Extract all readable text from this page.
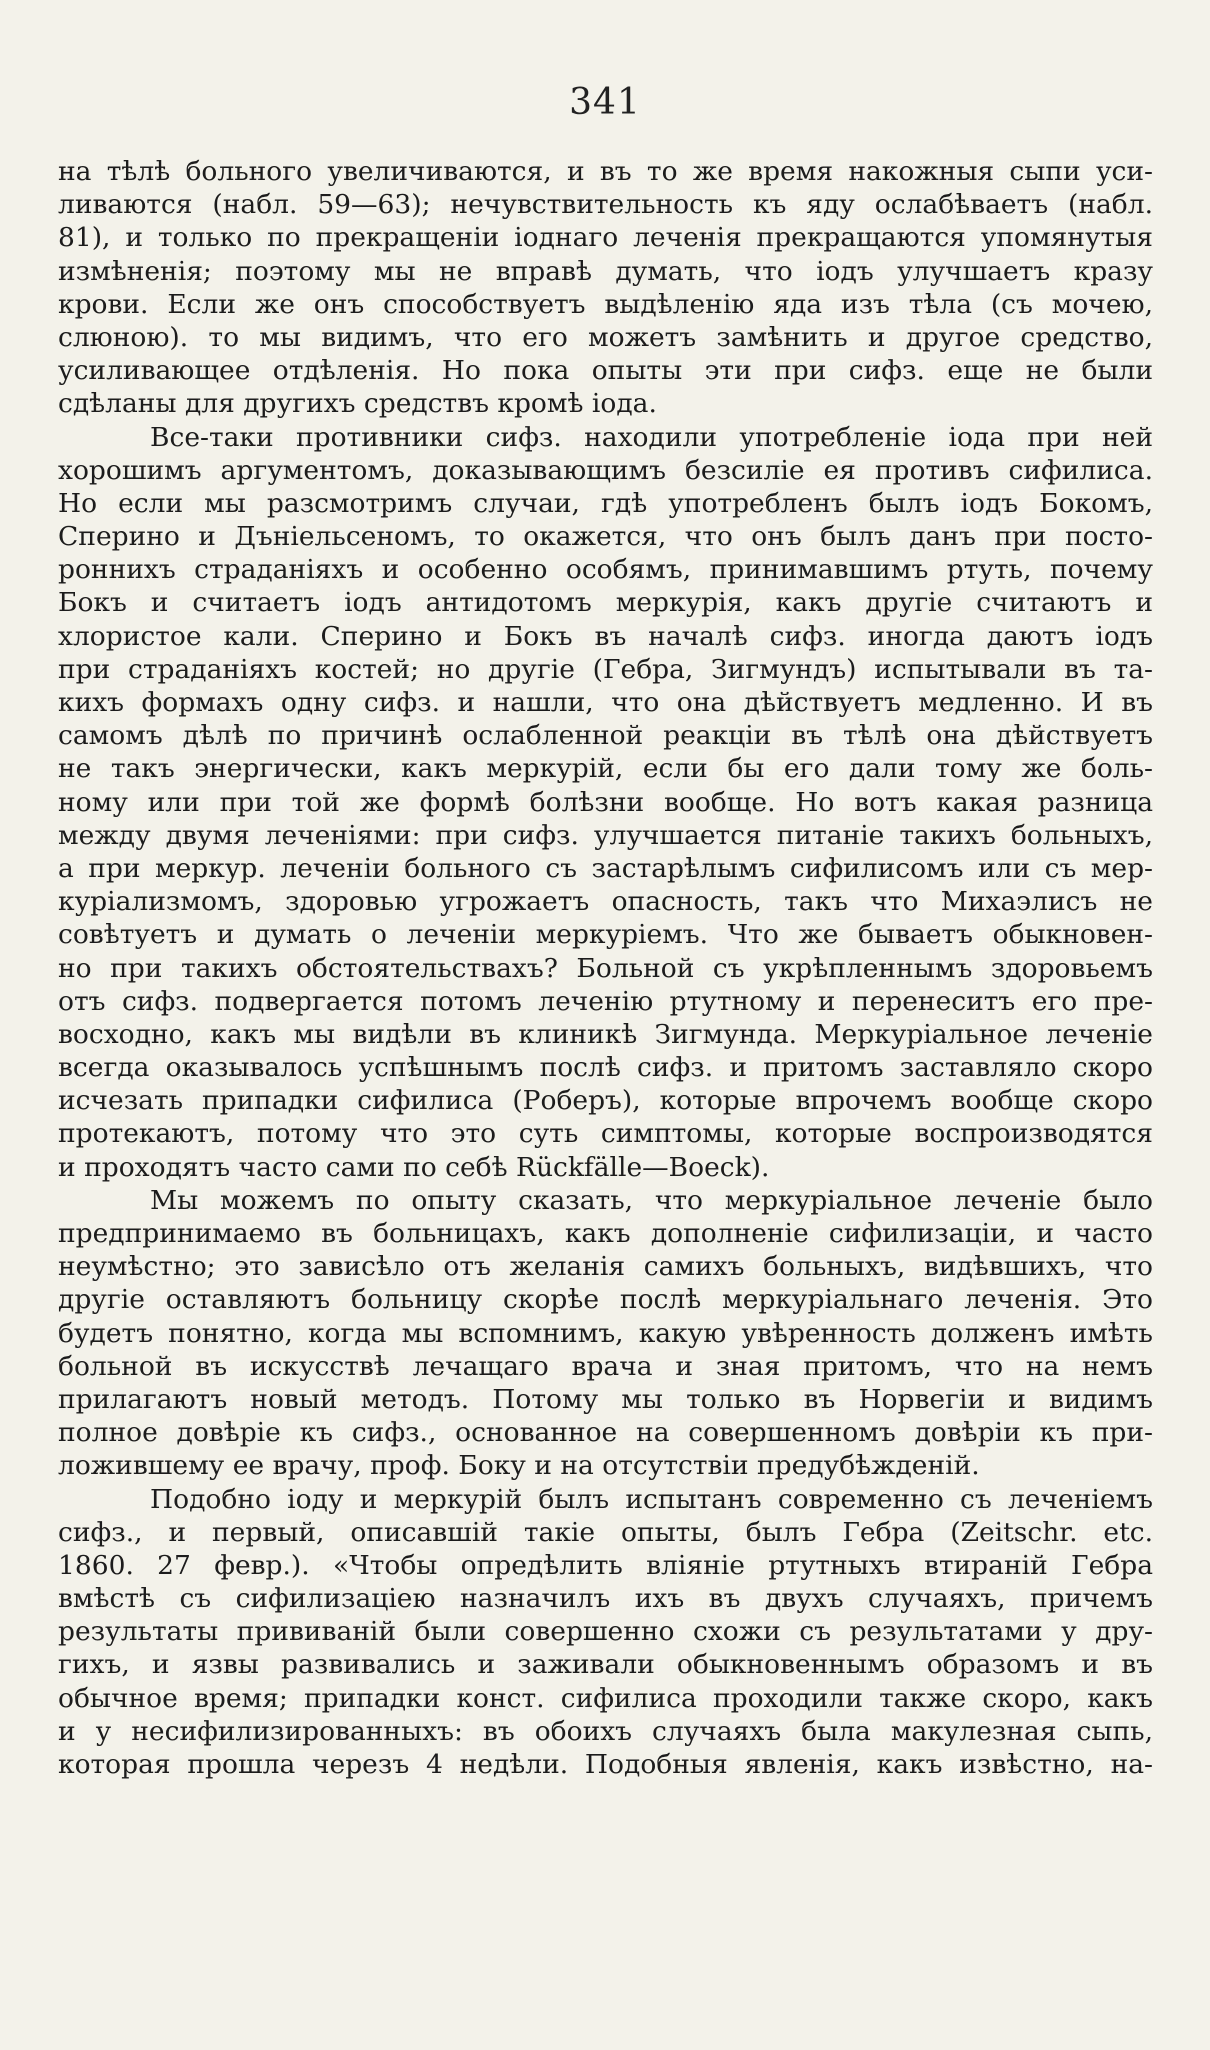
341
на тѣлѣ больного увеличиваются, и въ то же время накожныя сыпи уси-
ливаются (набл. 59—63); нечувствительность къ яду ослабѣваетъ (набл.
81), и только по прекращеніи іоднаго леченія прекращаются упомянутыя
измѣненія; поэтому мы не вправѣ думать, что іодъ улучшаетъ кразу
крови. Если же онъ способствуетъ выдѣленію яда изъ тѣла (съ мочею,
слюною). то мы видимъ, что его можетъ замѣнить и другое средство,
усиливающее отдѣленія. Но пока опыты эти при сифз. еще не были
сдѣланы для другихъ средствъ кромѣ іода.
Все-таки противники сифз. находили употребленіе іода при ней
хорошимъ аргументомъ, доказывающимъ безсиліе ея противъ сифилиса.
Но если мы разсмотримъ случаи, гдѣ употребленъ былъ іодъ Бокомъ,
Сперино и Дъніельсеномъ, то окажется, что онъ былъ данъ при посто-
роннихъ страданіяхъ и особенно особямъ, принимавшимъ ртуть, почему
Бокъ и считаетъ іодъ антидотомъ меркурія, какъ другіе считаютъ и
хлористое кали. Сперино и Бокъ въ началѣ сифз. иногда даютъ іодъ
при страданіяхъ костей; но другіе (Гебра, Зигмундъ) испытывали въ та-
кихъ формахъ одну сифз. и нашли, что она дѣйствуетъ медленно. И въ
самомъ дѣлѣ по причинѣ ослабленной реакціи въ тѣлѣ она дѣйствуетъ
не такъ энергически, какъ меркурій, если бы его дали тому же боль-
ному или при той же формѣ болѣзни вообще. Но вотъ какая разница
между двумя леченіями: при сифз. улучшается питаніе такихъ больныхъ,
а при меркур. леченіи больного съ застарѣлымъ сифилисомъ или съ мер-
куріализмомъ, здоровью угрожаетъ опасность, такъ что Михаэлисъ не
совѣтуетъ и думать о леченіи меркуріемъ. Что же бываетъ обыкновен-
но при такихъ обстоятельствахъ? Больной съ укрѣпленнымъ здоровьемъ
отъ сифз. подвергается потомъ леченію ртутному и перенеситъ его пре-
восходно, какъ мы видѣли въ клиникѣ Зигмунда. Меркуріальное леченіе
всегда оказывалось успѣшнымъ послѣ сифз. и притомъ заставляло скоро
исчезать припадки сифилиса (Роберъ), которые впрочемъ вообще скоро
протекаютъ, потому что это суть симптомы, которые воспроизводятся
и проходятъ часто сами по себѣ Rückfälle—Boeck).
Мы можемъ по опыту сказать, что меркуріальное леченіе было
предпринимаемо въ больницахъ, какъ дополненіе сифилизаціи, и часто
неумѣстно; это зависѣло отъ желанія самихъ больныхъ, видѣвшихъ, что
другіе оставляютъ больницу скорѣе послѣ меркуріальнаго леченія. Это
будетъ понятно, когда мы вспомнимъ, какую увѣренность долженъ имѣть
больной въ искусствѣ лечащаго врача и зная притомъ, что на немъ
прилагаютъ новый методъ. Потому мы только въ Норвегіи и видимъ
полное довѣріе къ сифз., основанное на совершенномъ довѣріи къ при-
ложившему ее врачу, проф. Боку и на отсутствіи предубѣжденій.
Подобно іоду и меркурій былъ испытанъ современно съ леченіемъ
сифз., и первый, описавшій такіе опыты, былъ Гебра (Zeitschr. etc.
1860. 27 февр.). «Чтобы опредѣлить вліяніе ртутныхъ втираній Гебра
вмѣстѣ съ сифилизаціею назначилъ ихъ въ двухъ случаяхъ, причемъ
результаты прививаній были совершенно схожи съ результатами у дру-
гихъ, и язвы развивались и заживали обыкновеннымъ образомъ и въ
обычное время; припадки конст. сифилиса проходили также скоро, какъ
и у несифилизированныхъ: въ обоихъ случаяхъ была макулезная сыпь,
которая прошла черезъ 4 недѣли. Подобныя явленія, какъ извѣстно, на-
